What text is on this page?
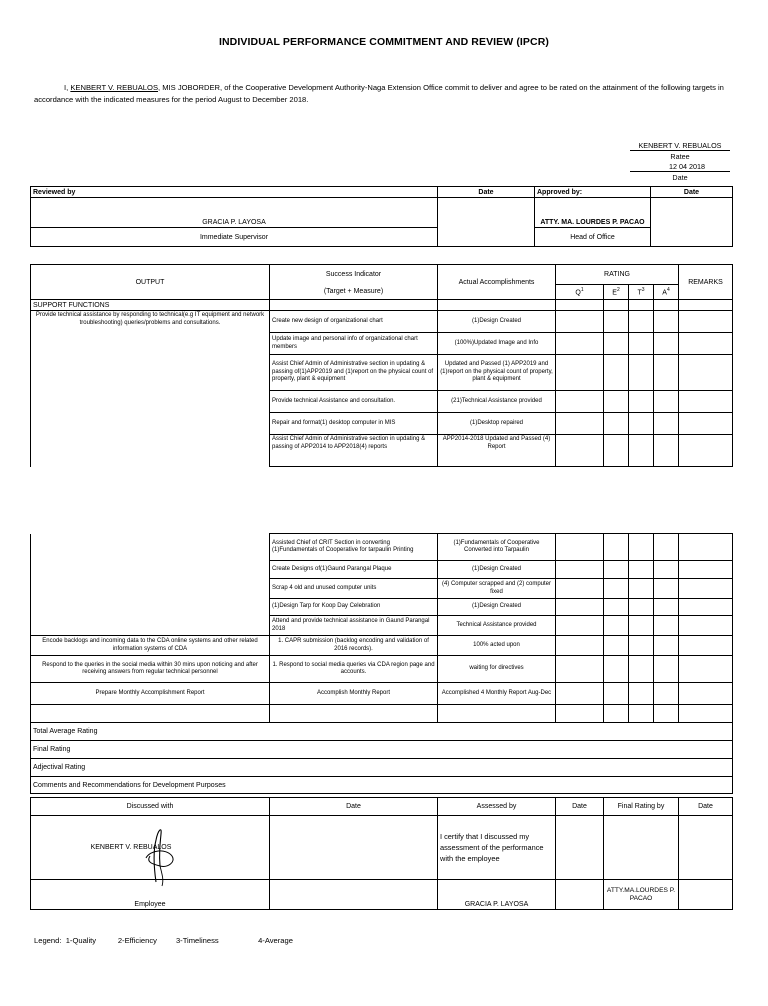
INDIVIDUAL PERFORMANCE COMMITMENT AND REVIEW (IPCR)
I, KENBERT V. REBUALOS, MIS JOBORDER, of the Cooperative Development Authority-Naga Extension Office commit to deliver and agree to be rated on the attainment of the following targets in accordance with the indicated measures for the period August to December 2018.
KENBERT V. REBUALOS
Ratee
12 04 2018
Date
Reviewed by	Date	Approved by:	Date
GRACIA P. LAYOSA		ATTY. MA. LOURDES P. PACAO	
Immediate Supervisor		Head of Office	
OUTPUT	Success Indicator	Actual Accomplishments	RATING				REMARKS
	(Target + Measure)		$Q^1$	$E^2$	$T^3$	$A^4$
SUPPORT FUNCTIONS							
Provide technical assistance by responding to technical(e.g IT equipment and network troubleshooting) queries/problems and consultations.	Create new design of organizational chart	(1)Design Created					
	Update image and personal info of organizational chart members	(100%)Updated Image and Info					
	Assist Chief Admin of Administrative section in updating & passing of(1)APP2019 and (1)report on the physical count of property, plant & equipment	Updated and Passed (1) APP2019 and (1)report on the physical count of property, plant & equipment					
	Provide technical Assistance and consultation.	(21)Technical Assistance provided					
	Repair and format(1) desktop computer in MIS	(1)Desktop repaired					
	Assist Chief Admin of Administrative section in updating & passing of APP2014 to APP2018(4) reports	APP2014-2018 Updated and Passed (4) Report					
	Assisted Chief of CRIT Section in converting (1)Fundamentals of Cooperative for tarpaulin Printing	(1)Fundamentals of Cooperative Converted into Tarpaulin					
	Create Designs of(1)Gaund Parangal Plaque	(1)Design Created					
	Scrap 4 old and unused computer units	(4) Computer scrapped and (2) computer fixed					
	(1)Design Tarp for Koop Day Celebration	(1)Design Created					
	Attend and provide technical assistance in Gaund Parangal 2018	Technical Assistance provided					
Encode backlogs and incoming data to the CDA online systems and other related information systems of CDA	1. CAPR submission (backlog encoding and validation of 2016 records).	100% acted upon					
Respond to the queries in the social media within 30 mins upon noticing and after receiving answers from regular technical personnel	1. Respond to social media queries via CDA region page and accounts.	waiting for directives					
Prepare Monthly Accomplishment Report	Accomplish Monthly Report	Accomplished 4 Monthly Report Aug-Dec					

Total Average Rating							
Final Rating							
Adjectival Rating							
Comments and Recommendations for Development Purposes							
Discussed with	Date	Assessed by	Date	Final Rating by	Date
KENBERT V. REBUALOS		I certify that I discussed my assessment of the performance with the employee			
Employee		GRACIA P. LAYOSA		ATTY.MA.LOURDES P. PACAO	
Legend: 1-Quality	2-Efficiency	3-Timeliness	4-Average
